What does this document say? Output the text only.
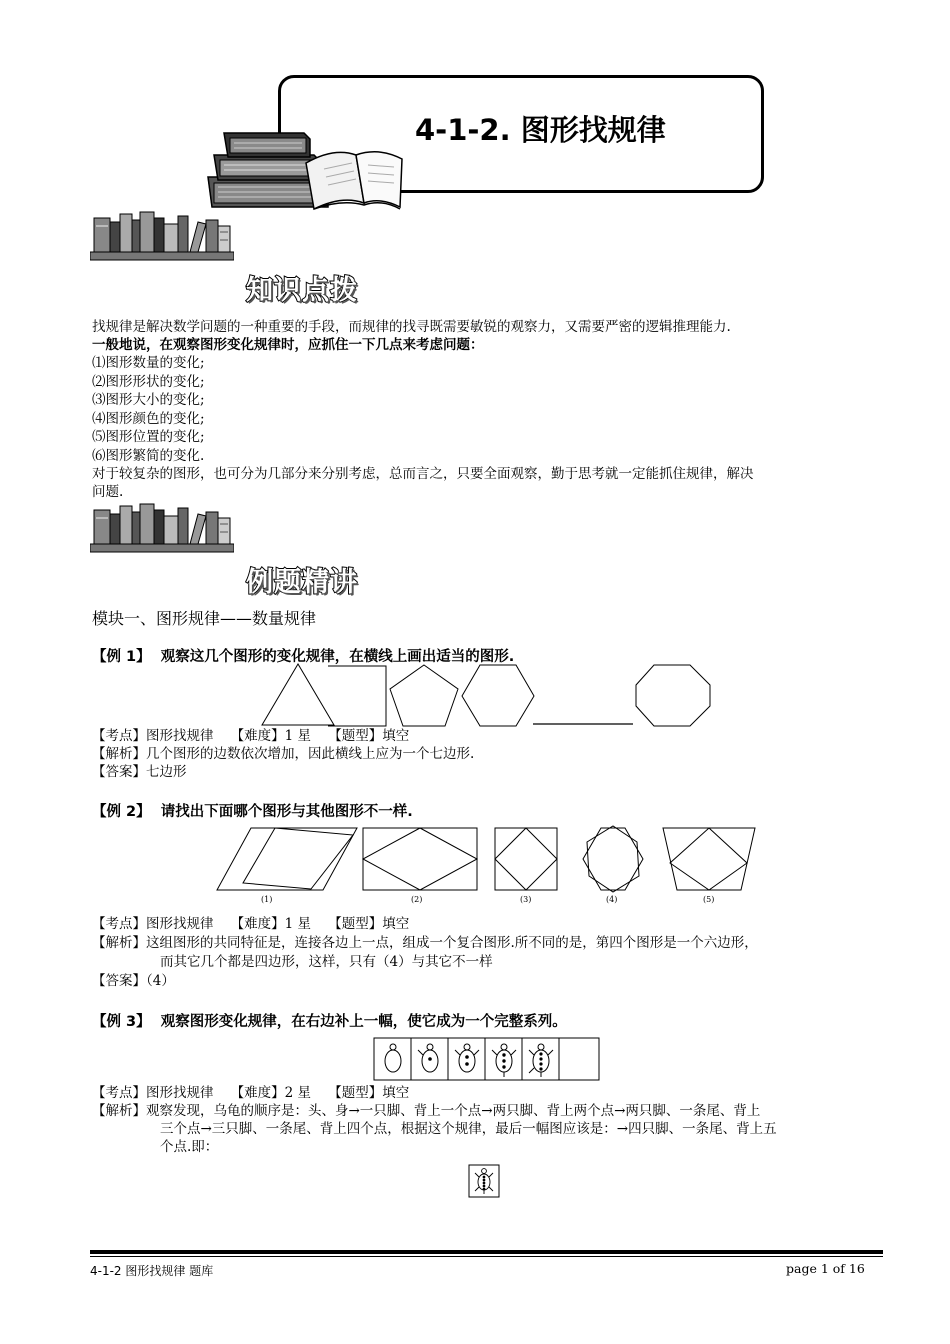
4-1-2. 图形找规律
知识点拨
找规律是解决数学问题的一种重要的手段，而规律的找寻既需要敏锐的观察力，又需要严密的逻辑推理能力.
一般地说，在观察图形变化规律时，应抓住一下几点来考虑问题：
⑴图形数量的变化;
⑵图形形状的变化;
⑶图形大小的变化;
⑷图形颜色的变化;
⑸图形位置的变化;
⑹图形繁简的变化.
对于较复杂的图形，也可分为几部分来分别考虑，总而言之，只要全面观察，勤于思考就一定能抓住规律，解决
问题.
例题精讲
模块一、图形规律——数量规律
【例 1】 观察这几个图形的变化规律，在横线上画出适当的图形.
【考点】图形找规律 【难度】1 星 【题型】填空
【解析】几个图形的边数依次增加，因此横线上应为一个七边形.
【答案】七边形
【例 2】 请找出下面哪个图形与其他图形不一样.
(1)	(2)	(3)	(4)	(5)
【考点】图形找规律 【难度】1 星 【题型】填空
【解析】这组图形的共同特征是，连接各边上一点，组成一个复合图形.所不同的是，第四个图形是一个六边形，
而其它几个都是四边形，这样，只有（4）与其它不一样
【答案】（4）
【例 3】 观察图形变化规律，在右边补上一幅，使它成为一个完整系列。
【考点】图形找规律 【难度】2 星 【题型】填空
【解析】观察发现，乌龟的顺序是：头、身→一只脚、背上一个点→两只脚、背上两个点→两只脚、一条尾、背上
三个点→三只脚、一条尾、背上四个点，根据这个规律，最后一幅图应该是：→四只脚、一条尾、背上五
个点.即：
4-1-2 图形找规律 题库	page 1 of 16
